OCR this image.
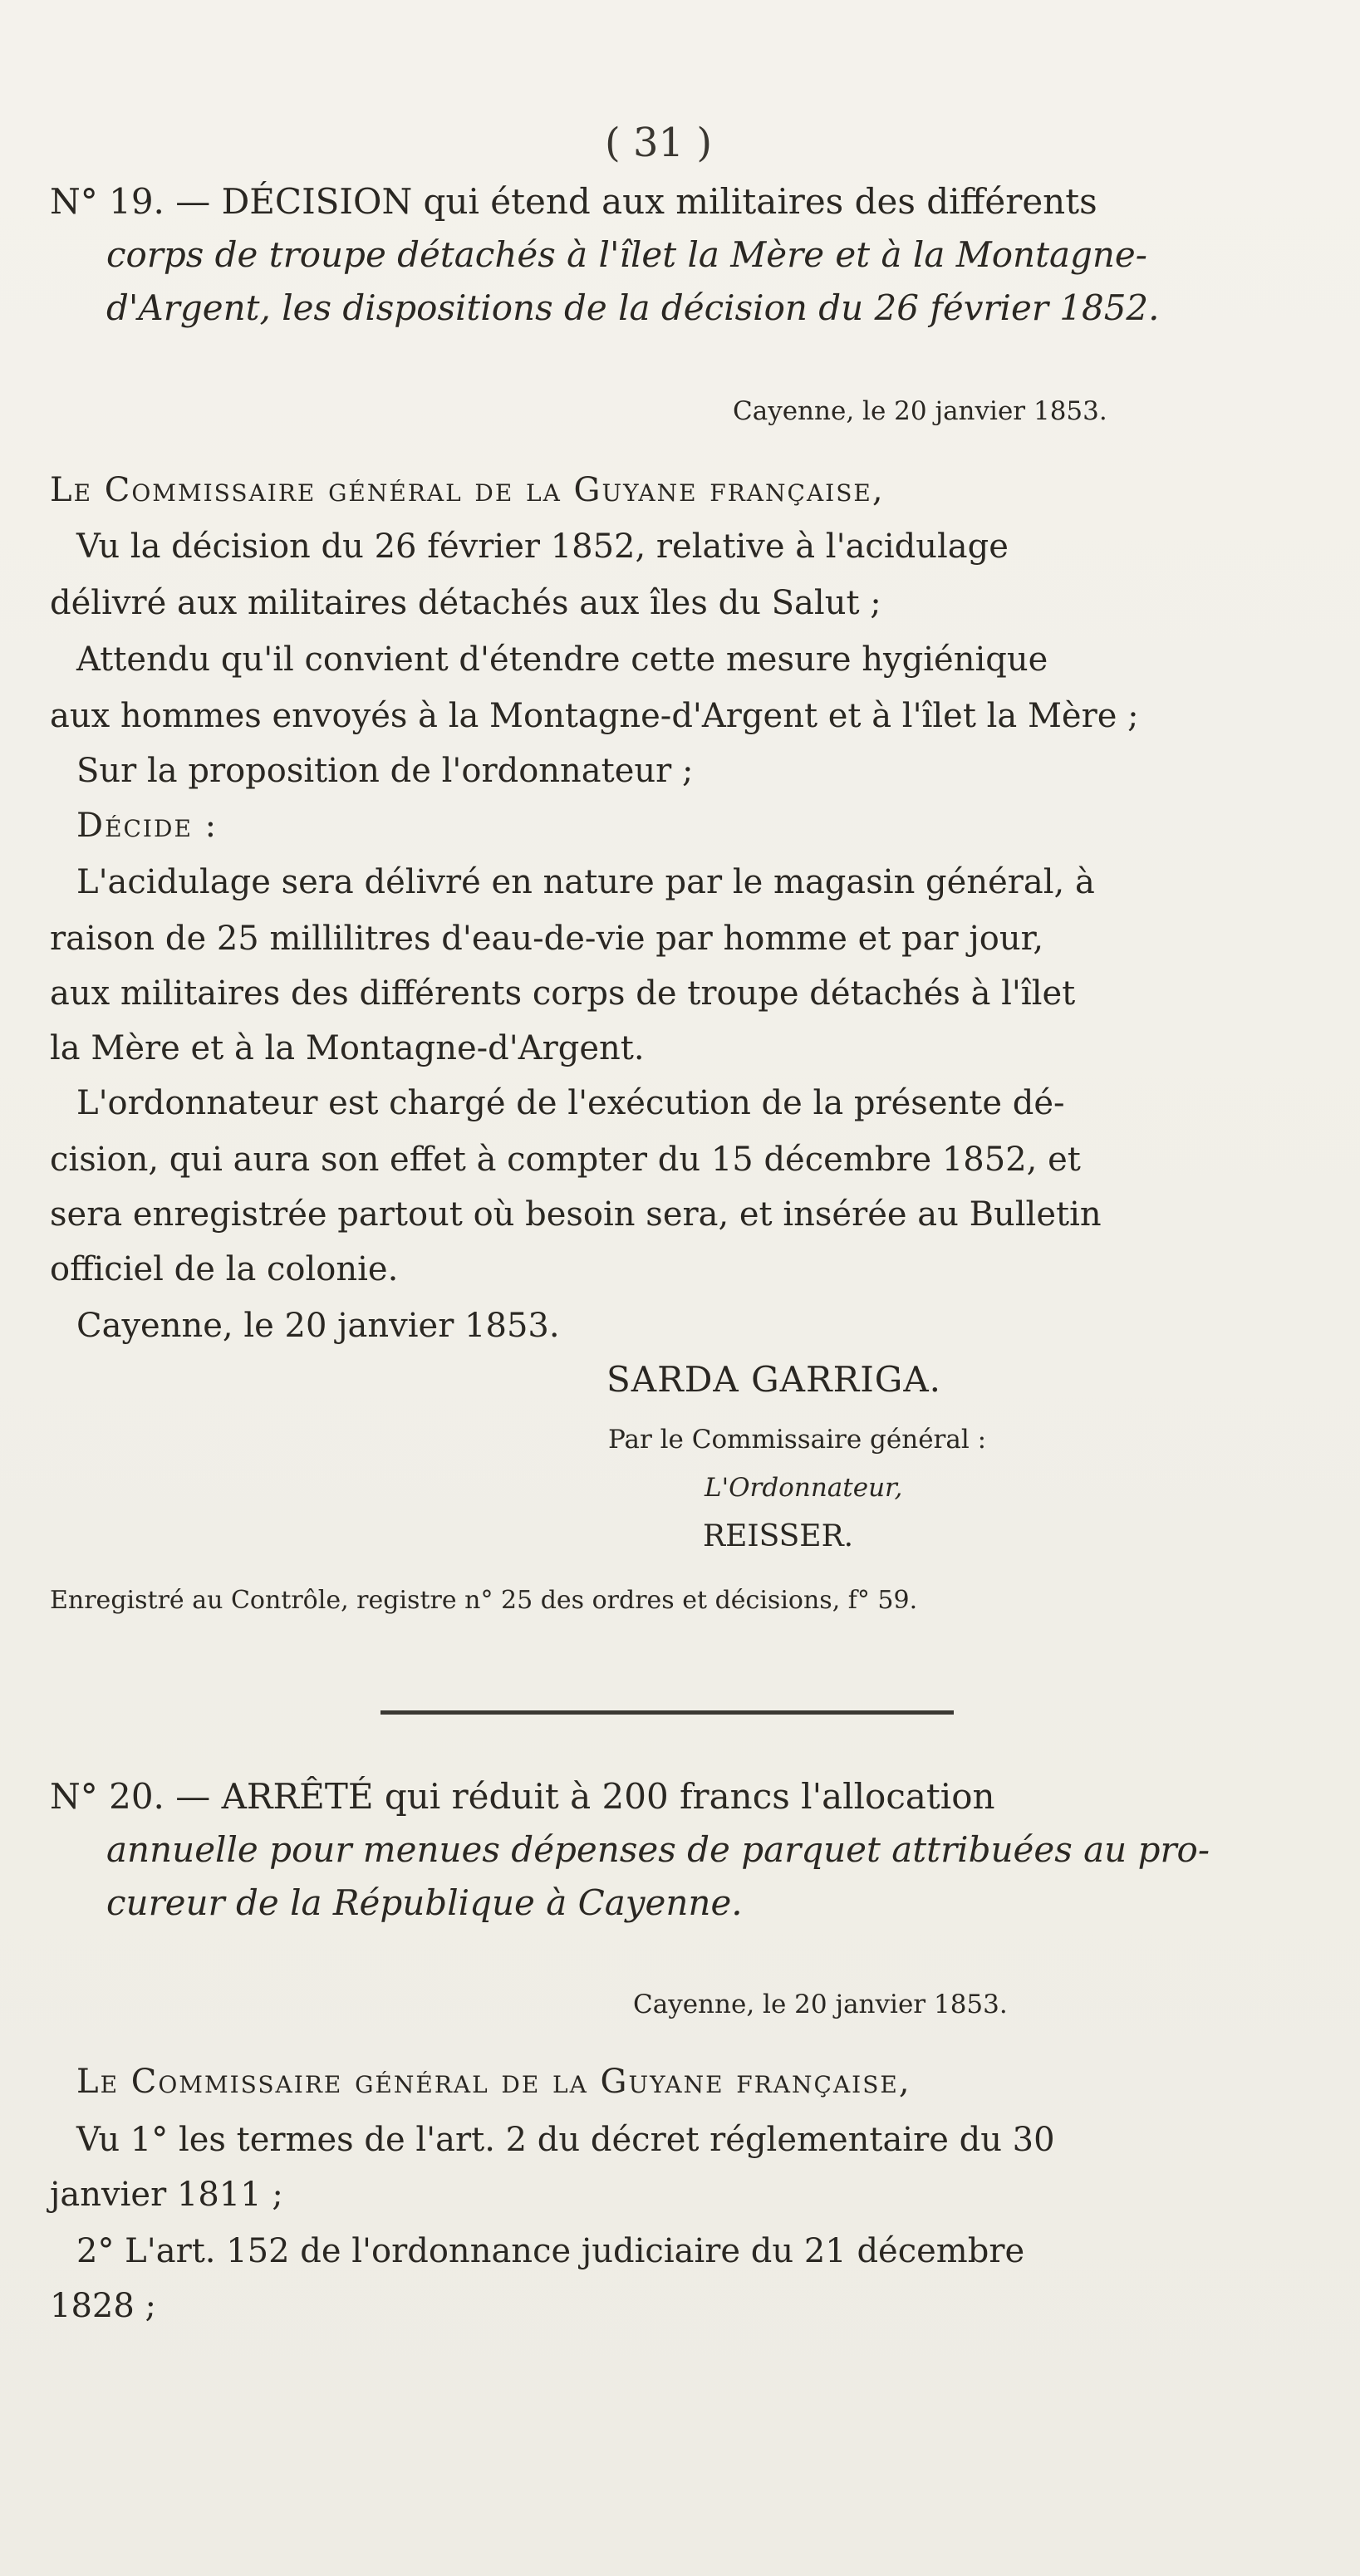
( 31 )
N° 19. — DÉCISION qui étend aux militaires des différents
corps de troupe détachés à l'îlet la Mère et à la Montagne-
d'Argent, les dispositions de la décision du 26 février 1852.
Cayenne, le 20 janvier 1853.
Le Commissaire général de la Guyane française,
Vu la décision du 26 février 1852, relative à l'acidulage
délivré aux militaires détachés aux îles du Salut ;
Attendu qu'il convient d'étendre cette mesure hygiénique
aux hommes envoyés à la Montagne-d'Argent et à l'îlet la Mère ;
Sur la proposition de l'ordonnateur ;
Décide :
L'acidulage sera délivré en nature par le magasin général, à
raison de 25 millilitres d'eau-de-vie par homme et par jour,
aux militaires des différents corps de troupe détachés à l'îlet
la Mère et à la Montagne-d'Argent.
L'ordonnateur est chargé de l'exécution de la présente dé-
cision, qui aura son effet à compter du 15 décembre 1852, et
sera enregistrée partout où besoin sera, et insérée au Bulletin
officiel de la colonie.
Cayenne, le 20 janvier 1853.
SARDA GARRIGA.
Par le Commissaire général :
L'Ordonnateur,
REISSER.
Enregistré au Contrôle, registre n° 25 des ordres et décisions, f° 59.
N° 20. — ARRÊTÉ qui réduit à 200 francs l'allocation
annuelle pour menues dépenses de parquet attribuées au pro-
cureur de la République à Cayenne.
Cayenne, le 20 janvier 1853.
Le Commissaire général de la Guyane française,
Vu 1° les termes de l'art. 2 du décret réglementaire du 30
janvier 1811 ;
2° L'art. 152 de l'ordonnance judiciaire du 21 décembre
1828 ;
